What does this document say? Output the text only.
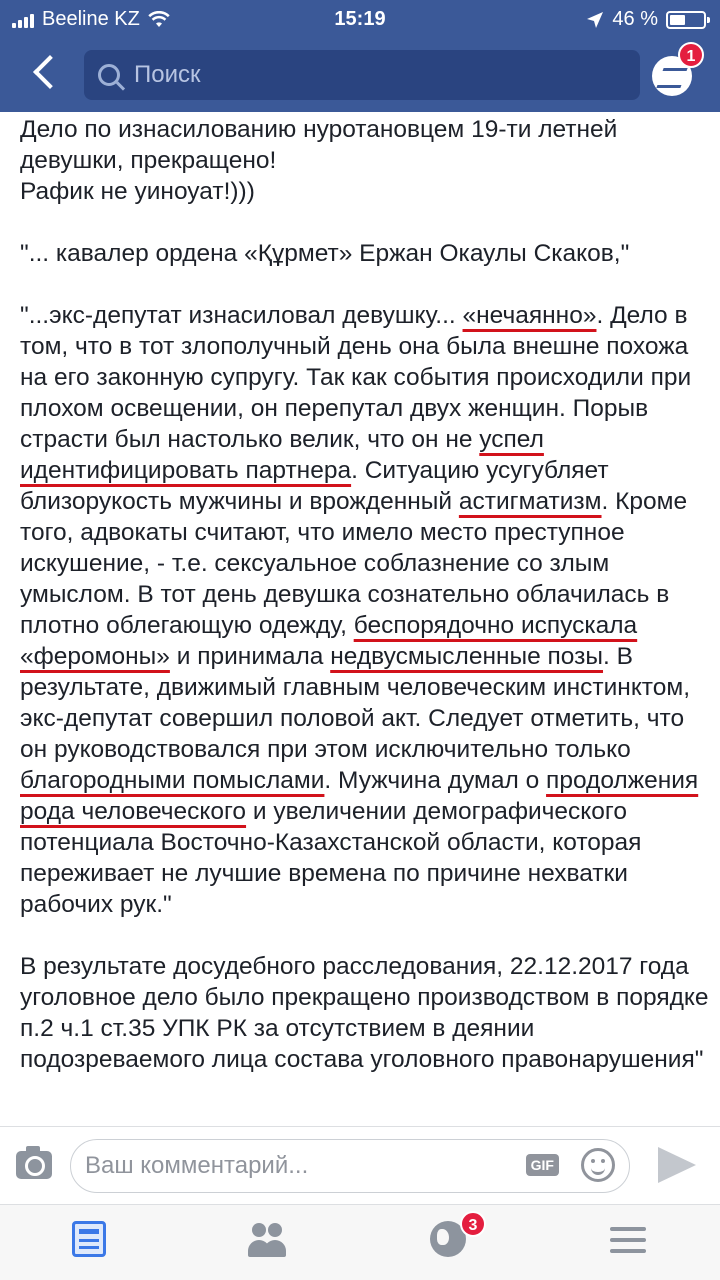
Beeline KZ	15:19	46 %
Поиск
1

Дело по изнасилованию нуротановцем 19-ти летней девушки, прекращено!
Рафик не уиноуат!)))

"... кавалер ордена «Құрмет» Ержан Окаулы Скаков,"

"...экс-депутат изнасиловал девушку... «нечаянно». Дело в том, что в тот злополучный день она была внешне похожа на его законную супругу. Так как события происходили при плохом освещении, он перепутал двух женщин. Порыв страсти был настолько велик, что он не успел идентифицировать партнера. Ситуацию усугубляет близорукость мужчины и врожденный астигматизм. Кроме того, адвокаты считают, что имело место преступное искушение, - т.е. сексуальное соблазнение со злым умыслом. В тот день девушка сознательно облачилась в плотно облегающую одежду, беспорядочно испускала «феромоны» и принимала недвусмысленные позы. В результате, движимый главным человеческим инстинктом, экс-депутат совершил половой акт. Следует отметить, что он руководствовался при этом исключительно только благородными помыслами. Мужчина думал о продолжения рода человеческого и увеличении демографического потенциала Восточно-Казахстанской области, которая переживает не лучшие времена по причине нехватки рабочих рук."

В результате досудебного расследования, 22.12.2017 года уголовное дело было прекращено производством в порядке п.2 ч.1 ст.35 УПК РК за отсутствием в деянии подозреваемого лица состава уголовного правонарушения"

Ваш комментарий...
GIF
3
